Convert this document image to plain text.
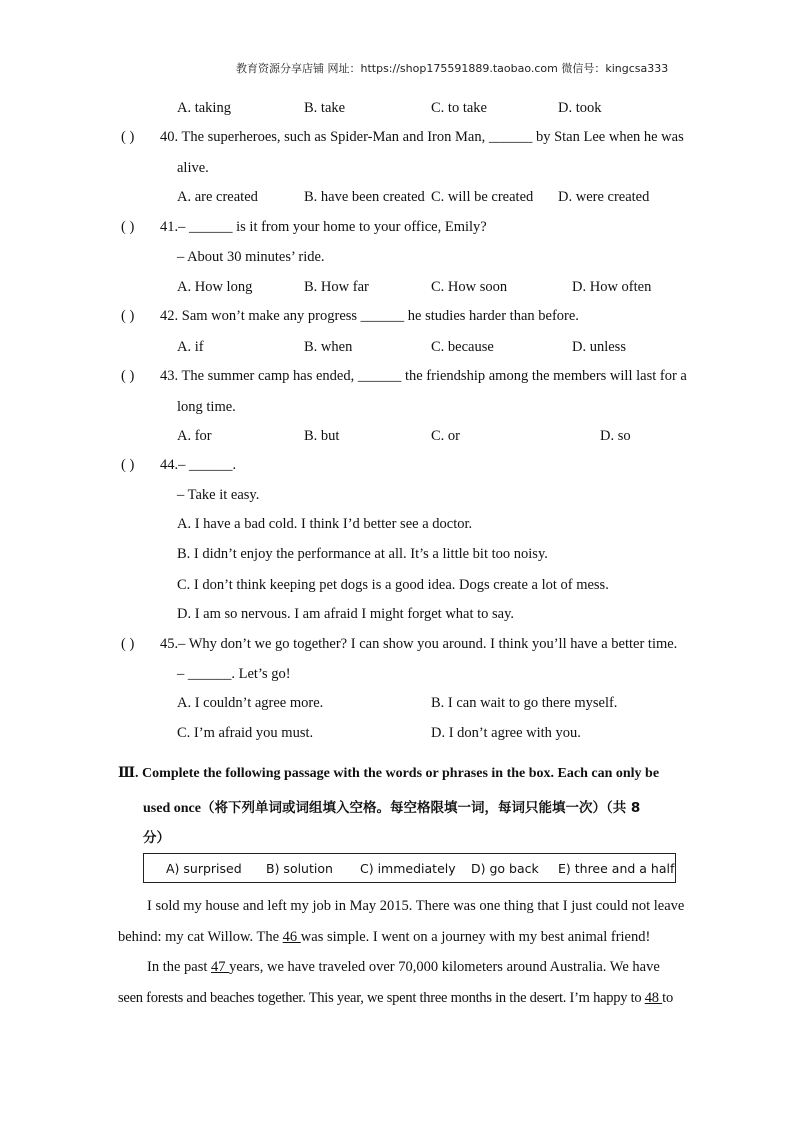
教育资源分享店铺 网址：https://shop175591889.taobao.com 微信号：kingcsa333
A. taking	B. take	C. to take	D. took
( ) 40. The superheroes, such as Spider-Man and Iron Man, ______ by Stan Lee when he was
alive.
A. are created	B. have been created C. will be created D. were created
( ) 41.– ______ is it from your home to your office, Emily?
– About 30 minutes’ ride.
A. How long	B. How far	C. How soon	D. How often
( ) 42. Sam won’t make any progress ______ he studies harder than before.
A. if	B. when	C. because	D. unless
( ) 43. The summer camp has ended, ______ the friendship among the members will last for a
long time.
A. for	B. but	C. or	D. so
( ) 44.– ______.
– Take it easy.
A. I have a bad cold. I think I’d better see a doctor.
B. I didn’t enjoy the performance at all. It’s a little bit too noisy.
C. I don’t think keeping pet dogs is a good idea. Dogs create a lot of mess.
D. I am so nervous. I am afraid I might forget what to say.
( ) 45.– Why don’t we go together? I can show you around. I think you’ll have a better time.
– ______. Let’s go!
A. I couldn’t agree more.	B. I can wait to go there myself.
C. I’m afraid you must.	D. I don’t agree with you.
Ⅲ. Complete the following passage with the words or phrases in the box. Each can only be
used once（将下列单词或词组填入空格。每空格限填一词，每词只能填一次）（共 8
分）
A) surprised B) solution C) immediately D) go back E) three and a half
I sold my house and left my job in May 2015. There was one thing that I just could not leave
behind: my cat Willow. The 46 was simple. I went on a journey with my best animal friend!
In the past 47 years, we have traveled over 70,000 kilometers around Australia. We have
seen forests and beaches together. This year, we spent three months in the desert. I’m happy to 48 to
